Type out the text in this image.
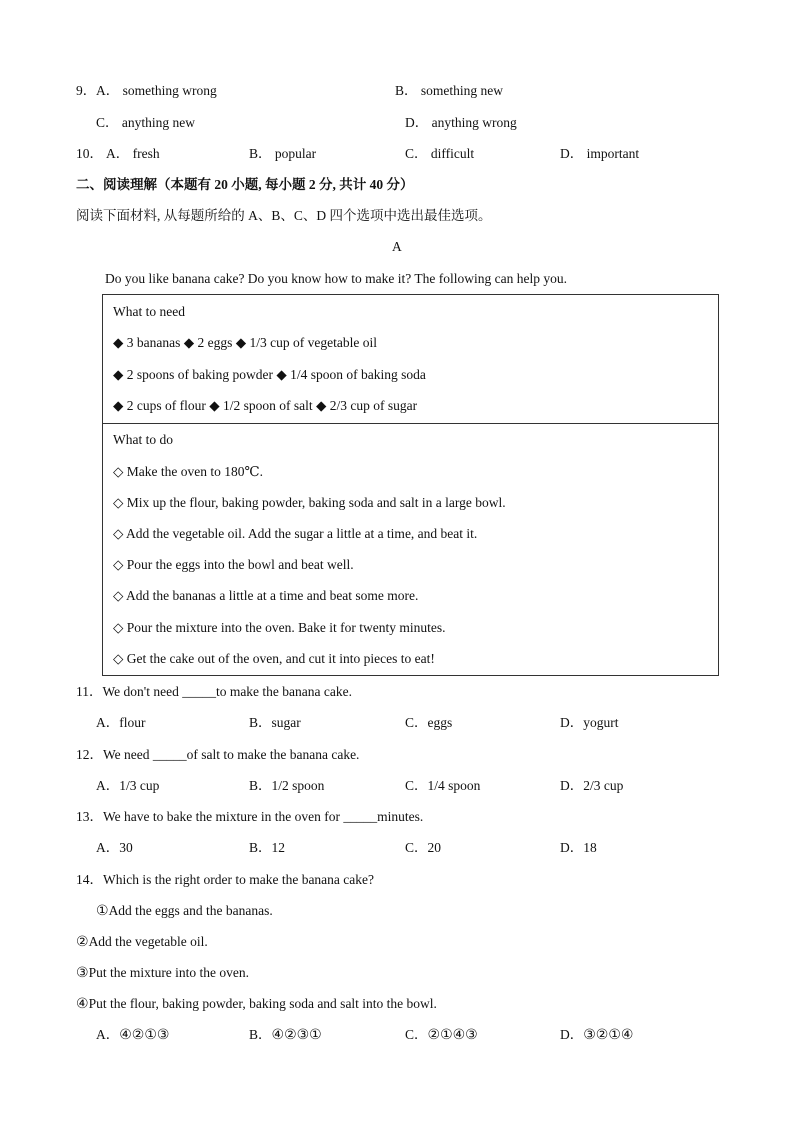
9． A． something wrong	B． something new
C． anything new	D． anything wrong
10． A． fresh	B． popular	C． difficult	D． important
二、阅读理解（本题有 20 小题, 每小题 2 分, 共计 40 分）
阅读下面材料, 从每题所给的 A、B、C、D 四个选项中选出最佳选项。
A
Do you like banana cake? Do you know how to make it? The following can help you.
What to need
◆ 3 bananas ◆ 2 eggs ◆ 1/3 cup of vegetable oil
◆ 2 spoons of baking powder ◆ 1/4 spoon of baking soda
◆ 2 cups of flour ◆ 1/2 spoon of salt ◆ 2/3 cup of sugar
What to do
◇ Make the oven to 180℃.
◇ Mix up the flour, baking powder, baking soda and salt in a large bowl.
◇ Add the vegetable oil. Add the sugar a little at a time, and beat it.
◇ Pour the eggs into the bowl and beat well.
◇ Add the bananas a little at a time and beat some more.
◇ Pour the mixture into the oven. Bake it for twenty minutes.
◇ Get the cake out of the oven, and cut it into pieces to eat!
11．We don't need _____to make the banana cake.
A．flour	B．sugar	C．eggs	D．yogurt
12．We need _____of salt to make the banana cake.
A．1/3 cup	B．1/2 spoon	C．1/4 spoon	D．2/3 cup
13．We have to bake the mixture in the oven for _____minutes.
A．30	B．12	C．20	D．18
14．Which is the right order to make the banana cake?
①Add the eggs and the bananas.
②Add the vegetable oil.
③Put the mixture into the oven.
④Put the flour, baking powder, baking soda and salt into the bowl.
A．④②①③	B．④②③①	C．②①④③	D．③②①④
